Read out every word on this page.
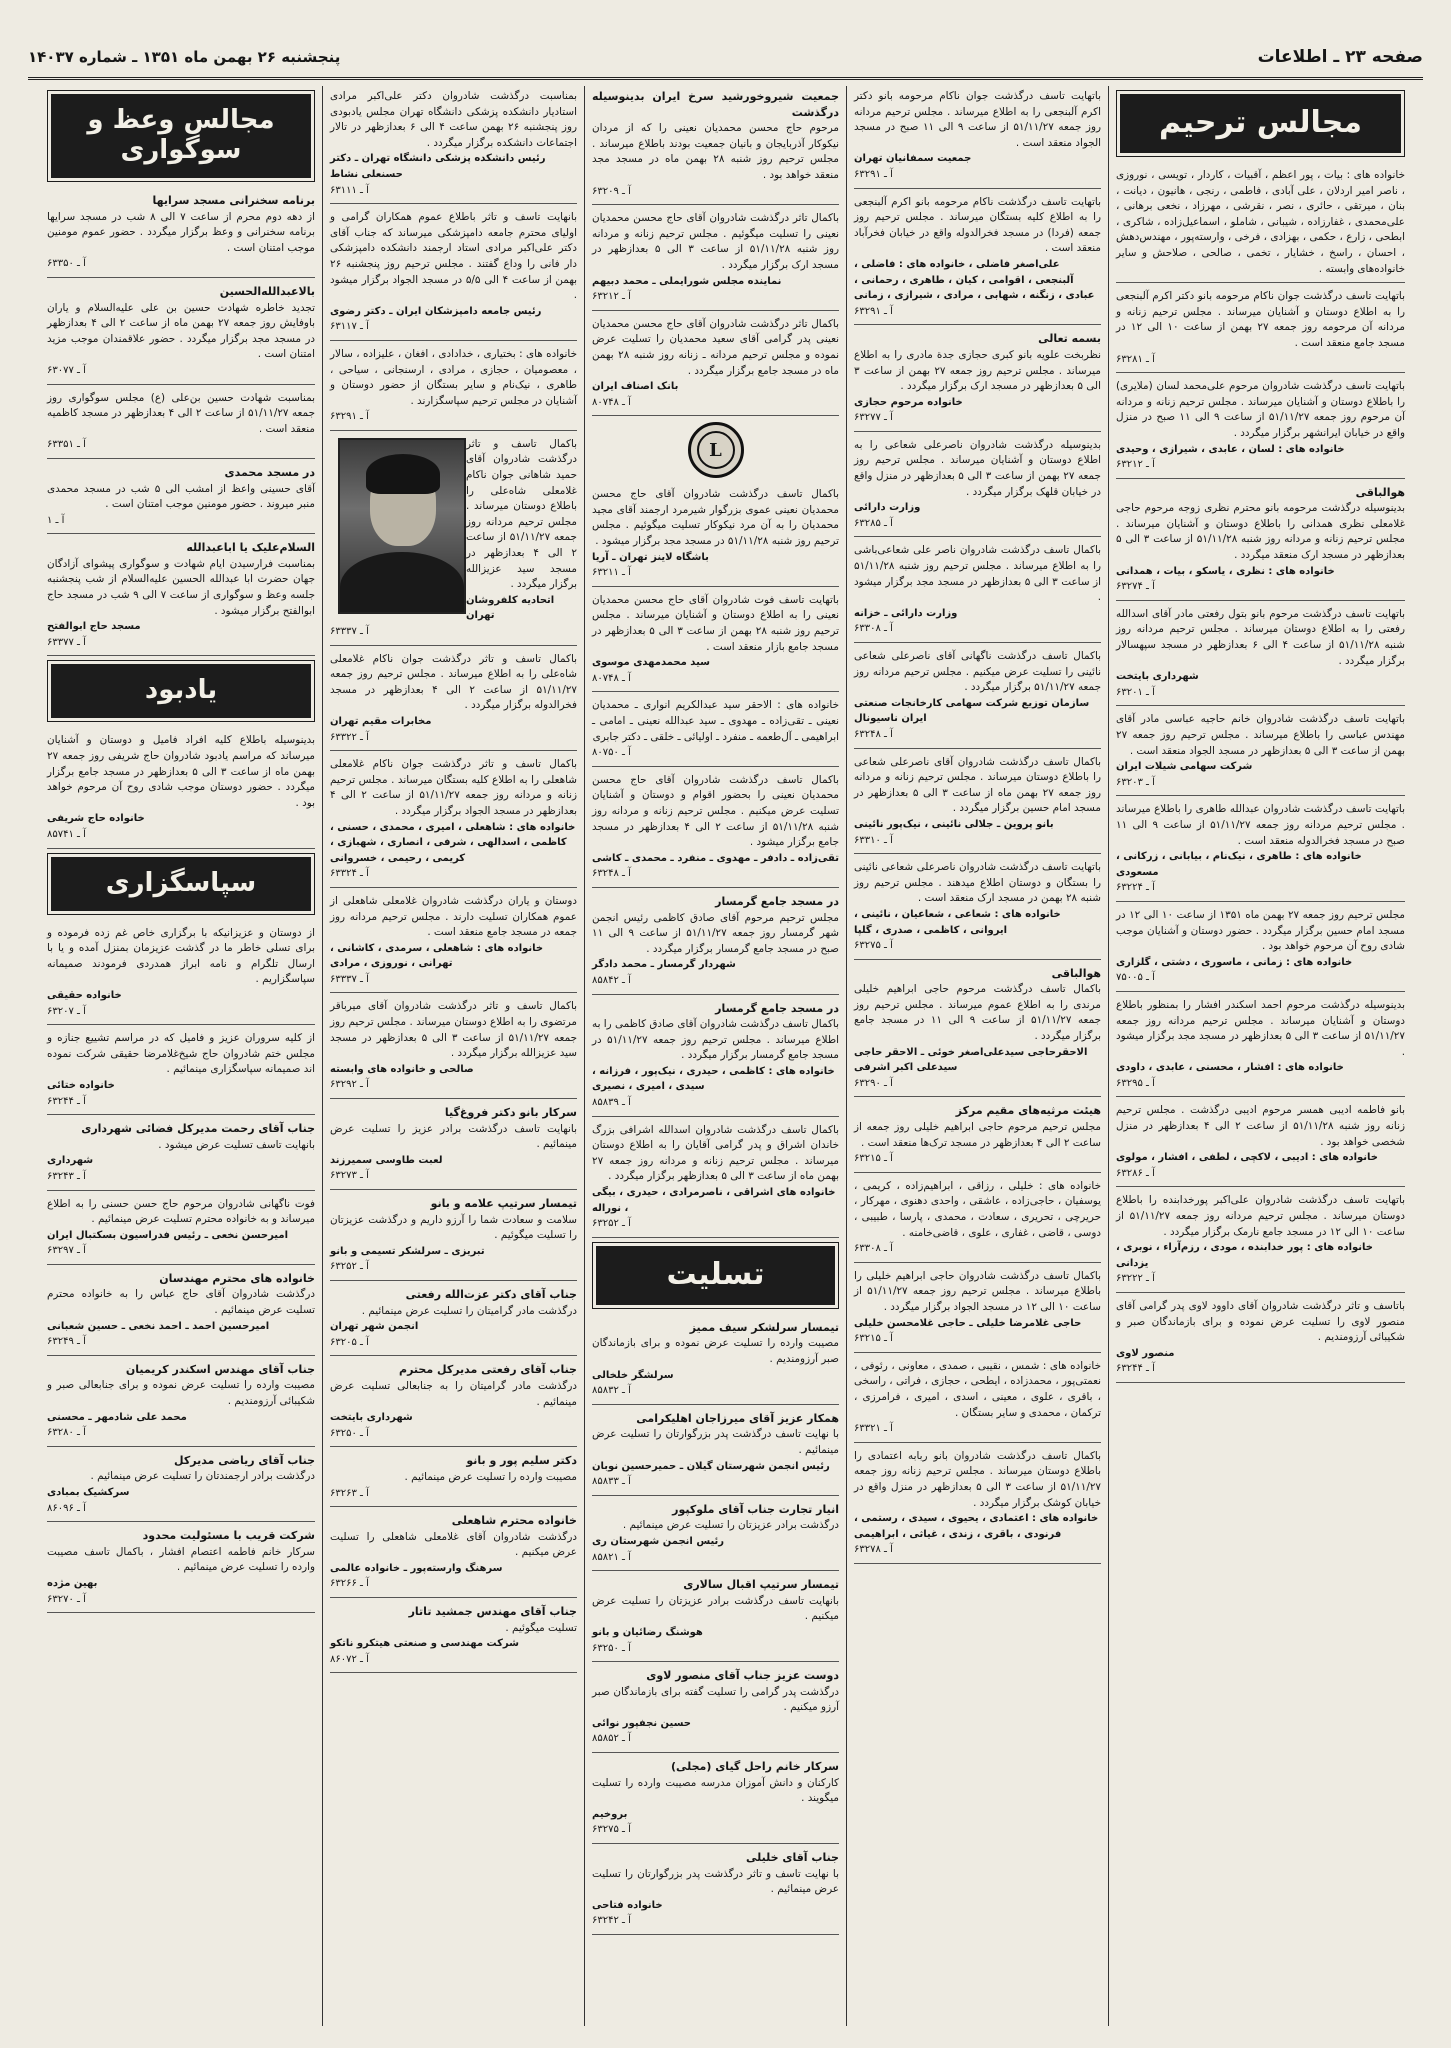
صفحه ۲۳ ـ اطلاعات
پنجشنبه ۲۶ بهمن ماه ۱۳۵۱ ـ شماره ۱۴۰۳۷
مجالس ترحیم
خانواده های : بیات ، پور اعظم ، آقبیات ، کاردار ، تویسی ، نوروزی ، ناصر امیر اردلان ، علی آبادی ، فاطمی ، رنجی ، هانیون ، دیانت ، بنان ، میرتقی ، حائری ، نصر ، نقرشی ، مهرزاد ، نخعی برهانی ، علی‌محمدی ، غفارزاده ، شیبانی ، شاملو ، اسماعیل‌زاده ، شاکری ، ابطحی ، زارع ، حکمی ، بهزادی ، فرخی ، وارسته‌پور ، مهندس‌دهش ، احسان ، راسخ ، خشایار ، تخمی ، صالحی ، صلاحش و سایر خانواده‌های وابسته .
باتهایت تاسف درگذشت جوان ناکام مرحومه بانو دکتر اکرم آلبنجعی را به اطلاع دوستان و آشنایان میرساند . مجلس ترحیم زنانه و مردانه آن مرحومه روز جمعه ۲۷ بهمن از ساعت ۱۰ الی ۱۲ در مسجد جامع منعقد است .
آ ـ ۶۳۲۸۱
باتهایت تاسف درگذشت شادروان مرحوم علی‌محمد لسان (ملایری) را باطلاع دوستان و آشنایان میرساند . مجلس ترحیم زنانه و مردانه آن مرحوم روز جمعه ۵۱/۱۱/۲۷ از ساعت ۹ الی ۱۱ صبح در منزل واقع در خیابان ایرانشهر برگزار میگردد .
خانواده های : لسان ، عابدی ، شیرازی ، وحیدی
آ ـ ۶۳۲۱۲
هوالباقی
بدینوسیله درگذشت مرحومه بانو محترم نظری زوجه مرحوم حاجی غلامعلی نظری همدانی را باطلاع دوستان و آشنایان میرساند . مجلس ترحیم زنانه و مردانه روز شنبه ۵۱/۱۱/۲۸ از ساعت ۳ الی ۵ بعدازظهر در مسجد ارک منعقد میگردد .
خانواده های : نظری ، یاسکو ، بیات ، همدانی
آ ـ ۶۳۲۷۴
باتهایت تاسف درگذشت مرحوم بانو بتول رفعتی مادر آقای اسدالله رفعتی را به اطلاع دوستان میرساند . مجلس ترحیم مردانه روز شنبه ۵۱/۱۱/۲۸ از ساعت ۴ الی ۶ بعدازظهر در مسجد سپهسالار برگزار میگردد .
شهرداری بایتخت
آ ـ ۶۳۲۰۱
باتهایت تاسف درگذشت شادروان خانم حاجیه عباسی مادر آقای مهندس عباسی را باطلاع میرساند . مجلس ترحیم روز جمعه ۲۷ بهمن از ساعت ۳ الی ۵ بعدازظهر در مسجد الجواد منعقد است .
شرکت سهامی شیلات ایران
آ ـ ۶۳۲۰۳
باتهایت تاسف درگذشت شادروان عبدالله طاهری را باطلاع میرساند . مجلس ترحیم مردانه روز جمعه ۵۱/۱۱/۲۷ از ساعت ۹ الی ۱۱ صبح در مسجد فخرالدوله منعقد است .
خانواده های : طاهری ، نیک‌نام ، بیابانی ، زرکانی ، مسعودی
آ ـ ۶۳۲۲۴
مجلس ترحیم روز جمعه ۲۷ بهمن ماه ۱۳۵۱ از ساعت ۱۰ الی ۱۲ در مسجد امام حسین برگزار میگردد . حضور دوستان و آشنایان موجب شادی روح آن مرحوم خواهد بود .
خانواده های : زمانی ، ماسوری ، دشتی ، گلزاری
آ ـ ۷۵۰۰۵
بدینوسیله درگذشت مرحوم احمد اسکندر افشار را بمنظور باطلاع دوستان و آشنایان میرساند . مجلس ترحیم مردانه روز جمعه ۵۱/۱۱/۲۷ از ساعت ۳ الی ۵ بعدازظهر در مسجد مجد برگزار میشود .
خانواده های : افشار ، محسنی ، عابدی ، داودی
آ ـ ۶۳۲۹۵
بانو فاطمه ادیبی همسر مرحوم ادیبی درگذشت . مجلس ترحیم زنانه روز شنبه ۵۱/۱۱/۲۸ از ساعت ۲ الی ۴ بعدازظهر در منزل شخصی خواهد بود .
خانواده های : ادیبی ، لاکچی ، لطفی ، افشار ، مولوی
آ ـ ۶۳۲۸۶
باتهایت تاسف درگذشت شادروان علی‌اکبر پورخدابنده را باطلاع دوستان میرساند . مجلس ترحیم مردانه روز جمعه ۵۱/۱۱/۲۷ از ساعت ۱۰ الی ۱۲ در مسجد جامع نارمک برگزار میگردد .
خانواده های : پور خدابنده ، مودی ، رزم‌آراء ، نوبری ، یزدانی
آ ـ ۶۳۲۲۲
باتاسف و تاثر درگذشت شادروان آقای داوود لاوی پدر گرامی آقای منصور لاوی را تسلیت عرض نموده و برای بازماندگان صبر و شکیبائی آرزومندیم .
منصور لاوی
آ ـ ۶۳۲۴۴
باتهایت تاسف درگذشت جوان ناکام مرحومه بانو دکتر اکرم آلبنجعی را به اطلاع میرساند . مجلس ترحیم مردانه روز جمعه ۵۱/۱۱/۲۷ از ساعت ۹ الی ۱۱ صبح در مسجد الجواد منعقد است .
جمعیت سمفانیان تهران
آ ـ ۶۳۲۹۱
باتهایت تاسف درگذشت ناکام مرحومه بانو اکرم آلبنجعی را به اطلاع کلیه بستگان میرساند . مجلس ترحیم روز جمعه (فردا) در مسجد فخرالدوله واقع در خیابان فخرآباد منعقد است .
علی‌اصغر فاضلی ، خانواده های : فاضلی ، آلبنجعی ، اقوامی ، کیان ، طاهری ، رحمانی ، عبادی ، زنگنه ، شهابی ، مرادی ، شیرازی ، زمانی
آ ـ ۶۳۲۹۱
بسمه تعالی
نظربخت علویه بانو کبری حجازی جدة مادری را به اطلاع میرساند . مجلس ترحیم روز جمعه ۲۷ بهمن از ساعت ۳ الی ۵ بعدازظهر در مسجد ارک برگزار میگردد .
خانواده مرحوم حجازی
آ ـ ۶۳۲۷۷
بدینوسیله درگذشت شادروان ناصرعلی شعاعی را به اطلاع دوستان و آشنایان میرساند . مجلس ترحیم روز جمعه ۲۷ بهمن از ساعت ۳ الی ۵ بعدازظهر در منزل واقع در خیابان قلهک برگزار میگردد .
وزارت دارائی
آ ـ ۶۳۲۸۵
باکمال تاسف درگذشت شادروان ناصر علی شعاعی‌باشی را به اطلاع میرساند . مجلس ترحیم روز شنبه ۵۱/۱۱/۲۸ از ساعت ۳ الی ۵ بعدازظهر در مسجد مجد برگزار میشود .
وزارت دارائی ـ خزانه
آ ـ ۶۳۳۰۸
باکمال تاسف درگذشت ناگهانی آقای ناصرعلی شعاعی نائینی را تسلیت عرض میکنیم . مجلس ترحیم مردانه روز جمعه ۵۱/۱۱/۲۷ برگزار میگردد .
سازمان توزیع شرکت سهامی کارخانجات صنعتی ایران ناسیونال
آ ـ ۶۳۲۴۸
باکمال تاسف درگذشت شادروان آقای ناصرعلی شعاعی را باطلاع دوستان میرساند . مجلس ترحیم زنانه و مردانه روز جمعه ۲۷ بهمن ماه از ساعت ۳ الی ۵ بعدازظهر در مسجد امام حسین برگزار میگردد .
بانو پروین ـ جلالی نائینی ، نیک‌پور نائینی
آ ـ ۶۳۳۱۰
باتهایت تاسف درگذشت شادروان ناصرعلی شعاعی نائینی را بستگان و دوستان اطلاع میدهند . مجلس ترحیم روز شنبه ۲۸ بهمن در مسجد ارک منعقد است .
خانواده های : شعاعی ، شعاعیان ، نائینی ، ایروانی ، کاظمی ، صدری ، گلپا
آ ـ ۶۳۲۷۵
هوالباقی
باکمال تاسف درگذشت مرحوم حاجی ابراهیم خلیلی مرندی را به اطلاع عموم میرساند . مجلس ترحیم روز جمعه ۵۱/۱۱/۲۷ از ساعت ۹ الی ۱۱ در مسجد جامع برگزار میگردد .
الاحقرحاجی سیدعلی‌اصغر خوئی ـ الاحقر حاجی سیدعلی اکبر اشرفی
آ ـ ۶۳۲۹۰
هیئت مرثیه‌های مقیم مرکز
مجلس ترحیم مرحوم حاجی ابراهیم خلیلی روز جمعه از ساعت ۲ الی ۴ بعدازظهر در مسجد ترک‌ها منعقد است .
آ ـ ۶۳۲۱۵
خانواده های : خلیلی ، رزاقی ، ابراهیم‌زاده ، کریمی ، یوسفیان ، حاجی‌زاده ، عاشقی ، واحدی دهنوی ، مهرکار ، حریرچی ، تحریری ، سعادت ، محمدی ، پارسا ، طبیبی ، دوسی ، قاضی ، غفاری ، علوی ، قاضی‌خامنه .
آ ـ ۶۳۳۰۸
باکمال تاسف درگذشت شادروان حاجی ابراهیم خلیلی را باطلاع میرساند . مجلس ترحیم روز جمعه ۵۱/۱۱/۲۷ از ساعت ۱۰ الی ۱۲ در مسجد الجواد برگزار میگردد .
حاجی غلامرضا خلیلی ـ حاجی غلامحسن خلیلی
آ ـ ۶۳۲۱۵
خانواده های : شمس ، نقیبی ، صمدی ، معاونی ، رئوفی ، نعمتی‌پور ، محمدزاده ، ایطحی ، حجازی ، فراتی ، راسخی ، باقری ، علوی ، معینی ، اسدی ، امیری ، فرامرزی ، ترکمان ، محمدی و سایر بستگان .
آ ـ ۶۳۳۲۱
باکمال تاسف درگذشت شادروان بانو ربابه اعتمادی را باطلاع دوستان میرساند . مجلس ترحیم زنانه روز جمعه ۵۱/۱۱/۲۷ از ساعت ۳ الی ۵ بعدازظهر در منزل واقع در خیابان کوشک برگزار میگردد .
خانواده های : اعتمادی ، یحیوی ، سیدی ، رستمی ، فرنودی ، باقری ، زندی ، غیاثی ، ابراهیمی
آ ـ ۶۳۲۷۸
جمعیت شیروخورشید سرخ ایران بدینوسیله درگذشت
مرحوم حاج محسن محمدیان نعینی را که از مردان نیکوکار آذربایجان و بانیان جمعیت بودند باطلاع میرساند . مجلس ترحیم روز شنبه ۲۸ بهمن ماه در مسجد مجد منعقد خواهد بود .
آ ـ ۶۳۲۰۹
باکمال تاثر درگذشت شادروان آقای حاج محسن محمدیان نعینی را تسلیت میگوئیم . مجلس ترحیم زنانه و مردانه روز شنبه ۵۱/۱۱/۲۸ از ساعت ۳ الی ۵ بعدازظهر در مسجد ارک برگزار میگردد .
نماینده مجلس شورایملی ـ محمد دبیهم
آ ـ ۶۳۲۱۲
باکمال تاثر درگذشت شادروان آقای حاج محسن محمدیان نعینی پدر گرامی آقای سعید محمدیان را تسلیت عرض نموده و مجلس ترحیم مردانه ـ زنانه روز شنبه ۲۸ بهمن ماه در مسجد جامع برگزار میگردد .
بانک اصناف ایران
آ ـ ۸۰۷۴۸
L
باکمال تاسف درگذشت شادروان آقای حاج محسن محمدیان نعینی عموی بزرگوار شیرمرد ارجمند آقای مجید محمدیان را به آن مرد نیکوکار تسلیت میگوئیم . مجلس ترحیم روز شنبه ۵۱/۱۱/۲۸ در مسجد مجد برگزار میشود .
باشگاه لاینز تهران ـ آریا
آ ـ ۶۳۲۱۱
باتهایت تاسف فوت شادروان آقای حاج محسن محمدیان نعینی را به اطلاع دوستان و آشنایان میرساند . مجلس ترحیم روز شنبه ۲۸ بهمن از ساعت ۳ الی ۵ بعدازظهر در مسجد جامع بازار منعقد است .
سید محمدمهدی موسوی
آ ـ ۸۰۷۴۸
خانواده های : الاحقر سید عبدالکریم انواری ـ محمدیان نعینی ـ تقی‌زاده ـ مهدوی ـ سید عبدالله نعینی ـ امامی ـ ابراهیمی ـ آل‌طعمه ـ منفرد ـ اولیائی ـ خلقی ـ دکتر جابری
آ ـ ۸۰۷۵۰
باکمال تاسف درگذشت شادروان آقای حاج محسن محمدیان نعینی را بحضور اقوام و دوستان و آشنایان تسلیت عرض میکنیم . مجلس ترحیم زنانه و مردانه روز شنبه ۵۱/۱۱/۲۸ از ساعت ۲ الی ۴ بعدازظهر در مسجد جامع برگزار میشود .
تقی‌زاده ـ دادفر ـ مهدوی ـ منفرد ـ محمدی ـ کاشی
آ ـ ۶۳۲۴۸
در مسجد جامع گرمسار
مجلس ترحیم مرحوم آقای صادق کاظمی رئیس انجمن شهر گرمسار روز جمعه ۵۱/۱۱/۲۷ از ساعت ۹ الی ۱۱ صبح در مسجد جامع گرمسار برگزار میگردد .
شهردار گرمسار ـ محمد دادگر
آ ـ ۸۵۸۴۲
در مسجد جامع گرمسار
باکمال تاسف درگذشت شادروان آقای صادق کاظمی را به اطلاع میرساند . مجلس ترحیم روز جمعه ۵۱/۱۱/۲۷ در مسجد جامع گرمسار برگزار میگردد .
خانواده های : کاظمی ، حیدری ، نیک‌پور ، فرزانه ، سیدی ، امیری ، نصیری
آ ـ ۸۵۸۳۹
باکمال تاسف درگذشت شادروان اسدالله اشرافی بزرگ خاندان اشراق و پدر گرامی آقایان را به اطلاع دوستان میرساند . مجلس ترحیم زنانه و مردانه روز جمعه ۲۷ بهمن ماه از ساعت ۳ الی ۵ بعدازظهر برگزار میگردد .
خانواده های اشراقی ، ناصرمرادی ، حیدری ، بیگی ، نوراله
آ ـ ۶۳۲۵۲
تسلیت
تیمسار سرلشکر سیف ممیز
مصیبت وارده را تسلیت عرض نموده و برای بازماندگان صبر آرزومندیم .
سرلشگر خلخالی
آ ـ ۸۵۸۳۲
همکار عزیز آقای میرزاجان اهلیکرامی
با نهایت تاسف درگذشت پدر بزرگوارتان را تسلیت عرض مینمائیم .
رئیس انجمن شهرستان گیلان ـ حمیرحسین نوبان
آ ـ ۸۵۸۳۳
انیار تجارت جناب آقای ملوکپور
درگذشت برادر عزیزتان را تسلیت عرض مینمائیم .
رئیس انجمن شهرستان ری
آ ـ ۸۵۸۲۱
تیمسار سرتیپ اقبال سالاری
بانهایت تاسف درگذشت برادر عزیزتان را تسلیت عرض میکنیم .
هوشنگ رضائیان و بانو
آ ـ ۶۳۲۵۰
دوست عزیز جناب آقای منصور لاوی
درگذشت پدر گرامی را تسلیت گفته برای بازماندگان صبر آرزو میکنیم .
حسین نجفپور نوائی
آ ـ ۸۵۸۵۲
سرکار خانم راحل گیای (مجلی)
کارکنان و دانش آموزان مدرسه مصیبت وارده را تسلیت میگویند .
بروخیم
آ ـ ۶۳۲۷۵
جناب آقای خلیلی
با نهایت تاسف و تاثر درگذشت پدر بزرگوارتان را تسلیت عرض مینمائیم .
خانواده فتاحی
آ ـ ۶۳۲۴۲
بمناسبت درگذشت شادروان دکتر علی‌اکبر مرادی استادیار دانشکده پزشکی دانشگاه تهران مجلس یادبودی روز پنجشنبه ۲۶ بهمن ساعت ۴ الی ۶ بعدازظهر در تالار اجتماعات دانشکده برگزار میگردد .
رئیس دانشکده پزشکی دانشگاه تهران ـ دکتر حسنعلی نشاط
آ ـ ۶۳۱۱۱
بانهایت تاسف و تاثر باطلاع عموم همکاران گرامی و اولیای محترم جامعه دامپزشکی میرساند که جناب آقای دکتر علی‌اکبر مرادی استاد ارجمند دانشکده دامپزشکی دار فانی را وداع گفتند . مجلس ترحیم روز پنجشنبه ۲۶ بهمن از ساعت ۴ الی ۵/۵ در مسجد الجواد برگزار میشود .
رئیس جامعه دامپزشکان ایران ـ دکتر رضوی
آ ـ ۶۳۱۱۷
خانواده های : بختیاری ، خدادادی ، افغان ، علیزاده ، سالار ، معصومیان ، حجازی ، مرادی ، ارسنجانی ، سیاحی ، طاهری ، نیک‌نام و سایر بستگان از حضور دوستان و آشنایان در مجلس ترحیم سپاسگزارند .
آ ـ ۶۳۲۹۱
باکمال تاسف و تاثر درگذشت شادروان آقای حمید شاهانی جوان ناکام غلامعلی شاه‌علی را باطلاع دوستان میرساند . مجلس ترحیم مردانه روز جمعه ۵۱/۱۱/۲۷ از ساعت ۲ الی ۴ بعدازظهر در مسجد سید عزیزالله برگزار میگردد .
اتحادیه کلفروشان تهران
آ ـ ۶۳۳۳۷
باکمال تاسف و تاثر درگذشت جوان ناکام غلامعلی شاه‌علی را به اطلاع میرساند . مجلس ترحیم روز جمعه ۵۱/۱۱/۲۷ از ساعت ۲ الی ۴ بعدازظهر در مسجد فخرالدوله برگزار میگردد .
مخابرات مقیم تهران
آ ـ ۶۳۳۲۲
باکمال تاسف و تاثر درگذشت جوان ناکام غلامعلی شاهعلی را به اطلاع کلیه بستگان میرساند . مجلس ترحیم زنانه و مردانه روز جمعه ۵۱/۱۱/۲۷ از ساعت ۲ الی ۴ بعدازظهر در مسجد الجواد برگزار میگردد .
خانواده های : شاهعلی ، امیری ، محمدی ، حسنی ، کاظمی ، اسدالهی ، شرفی ، انصاری ، شهبازی ، کریمی ، رحیمی ، خسروانی
آ ـ ۶۳۳۲۴
دوستان و یاران درگذشت شادروان غلامعلی شاهعلی از عموم همکاران تسلیت دارند . مجلس ترحیم مردانه روز جمعه در مسجد جامع منعقد است .
خانواده های : شاهعلی ، سرمدی ، کاشانی ، تهرانی ، نوروزی ، مرادی
آ ـ ۶۳۳۳۷
باکمال تاسف و تاثر درگذشت شادروان آقای میرباقر مرتضوی را به اطلاع دوستان میرساند . مجلس ترحیم روز جمعه ۵۱/۱۱/۲۷ از ساعت ۳ الی ۵ بعدازظهر در مسجد سید عزیزالله برگزار میگردد .
صالحی و خانواده های وابسته
آ ـ ۶۳۲۹۲
سرکار بانو دکتر فروغ‌گیا
بانهایت تاسف درگذشت برادر عزیز را تسلیت عرض مینمائیم .
لعبت طاوسی سمیرزند
آ ـ ۶۳۲۷۳
تیمسار سرتیپ علامه و بانو
سلامت و سعادت شما را آرزو داریم و درگذشت عزیزتان را تسلیت میگوئیم .
تبریزی ـ سرلشکر تسیمی و بانو
آ ـ ۶۳۲۵۲
جناب آقای دکتر عزت‌الله رفعتی
درگذشت مادر گرامیتان را تسلیت عرض مینمائیم .
انجمن شهر تهران
آ ـ ۶۳۲۰۵
جناب آقای رفعتی مدیرکل محترم
درگذشت مادر گرامیتان را به جنابعالی تسلیت عرض مینمائیم .
شهرداری بایتخت
آ ـ ۶۳۲۵۰
دکتر سلیم پور و بانو
مصیبت وارده را تسلیت عرض مینمائیم .
آ ـ ۶۳۲۶۳
خانواده محترم شاهعلی
درگذشت شادروان آقای غلامعلی شاهعلی را تسلیت عرض میکنیم .
سرهنگ وارسته‌پور ـ خانواده عالمی
آ ـ ۶۳۲۶۶
جناب آقای مهندس جمشید تاتار
تسلیت میگوئیم .
شرکت مهندسی و صنعتی هیتکرو ناتکو
آ ـ ۸۶۰۷۲
مجالس وعظ و سوگواری
برنامه سخنرانی مسجد سرایها
از دهه دوم محرم از ساعت ۷ الی ۸ شب در مسجد سرایها برنامه سخنرانی و وعظ برگزار میگردد . حضور عموم مومنین موجب امتنان است .
آ ـ ۶۳۳۵۰
بالاعبدالله‌الحسین
تجدید خاطره شهادت حسین بن علی علیه‌السلام و یاران باوفایش روز جمعه ۲۷ بهمن ماه از ساعت ۲ الی ۴ بعدازظهر در مسجد مجد برگزار میگردد . حضور علاقمندان موجب مزید امتنان است .
آ ـ ۶۳۰۷۷
بمناسبت شهادت حسین بن‌علی (ع) مجلس سوگواری روز جمعه ۵۱/۱۱/۲۷ از ساعت ۲ الی ۴ بعدازظهر در مسجد کاظمیه منعقد است .
آ ـ ۶۳۳۵۱
در مسجد محمدی
آقای حسینی واعظ از امشب الی ۵ شب در مسجد محمدی منبر میروند . حضور مومنین موجب امتنان است .
آ ـ ۱
السلام‌علیک یا اباعبدالله
بمناسبت فرارسیدن ایام شهادت و سوگواری پیشوای آزادگان جهان حضرت ابا عبدالله الحسین علیه‌السلام از شب پنجشنبه جلسه وعظ و سوگواری از ساعت ۷ الی ۹ شب در مسجد حاج ابوالفتح برگزار میشود .
مسجد حاج ابوالفتح
آ ـ ۶۳۳۷۷
یادبود
بدینوسیله باطلاع کلیه افراد فامیل و دوستان و آشنایان میرساند که مراسم یادبود شادروان حاج شریفی روز جمعه ۲۷ بهمن ماه از ساعت ۳ الی ۵ بعدازظهر در مسجد جامع برگزار میگردد . حضور دوستان موجب شادی روح آن مرحوم خواهد بود .
خانواده حاج شریفی
آ ـ ۸۵۷۴۱
سپاسگزاری
از دوستان و عزیزانیکه با برگزاری خاص غم زده فرموده و برای تسلی خاطر ما در گذشت عزیزمان بمنزل آمده و یا با ارسال تلگرام و نامه ابراز همدردی فرمودند صمیمانه سپاسگزاریم .
خانواده حقیقی
آ ـ ۶۳۲۰۷
از کلیه سروران عزیز و فامیل که در مراسم تشییع جنازه و مجلس ختم شادروان حاج شیخ‌غلامرضا حقیقی شرکت نموده اند صمیمانه سپاسگزاری مینمائیم .
خانواده ختائی
آ ـ ۶۳۲۴۴
جناب آقای رحمت مدیرکل فضائی شهرداری
بانهایت تاسف تسلیت عرض میشود .
شهرداری
آ ـ ۶۳۲۴۳
فوت ناگهانی شادروان مرحوم حاج حسن حسنی را به اطلاع میرساند و به خانواده محترم تسلیت عرض مینمائیم .
امیرحسن نخعی ـ رئیس فدراسیون بسکتبال ایران
آ ـ ۶۳۲۹۷
خانواده های محترم مهندسان
درگذشت شادروان آقای حاج عباس را به خانواده محترم تسلیت عرض مینمائیم .
امیرحسین احمد ـ احمد نخعی ـ حسین شعبانی
آ ـ ۶۳۲۴۹
جناب آقای مهندس اسکندر کریمیان
مصیبت وارده را تسلیت عرض نموده و برای جنابعالی صبر و شکیبائی آرزومندیم .
محمد علی شادمهر ـ محسنی
آ ـ ۶۳۲۸۰
جناب آقای ریاضی مدیرکل
درگذشت برادر ارجمندتان را تسلیت عرض مینمائیم .
سرکشیک بمبادی
آ ـ ۸۶۰۹۶
شرکت قریب با مسئولیت محدود
سرکار خانم فاطمه اعتصام افشار ، باکمال تاسف مصیبت وارده را تسلیت عرض مینمائیم .
بهین مژده
آ ـ ۶۳۲۷۰
